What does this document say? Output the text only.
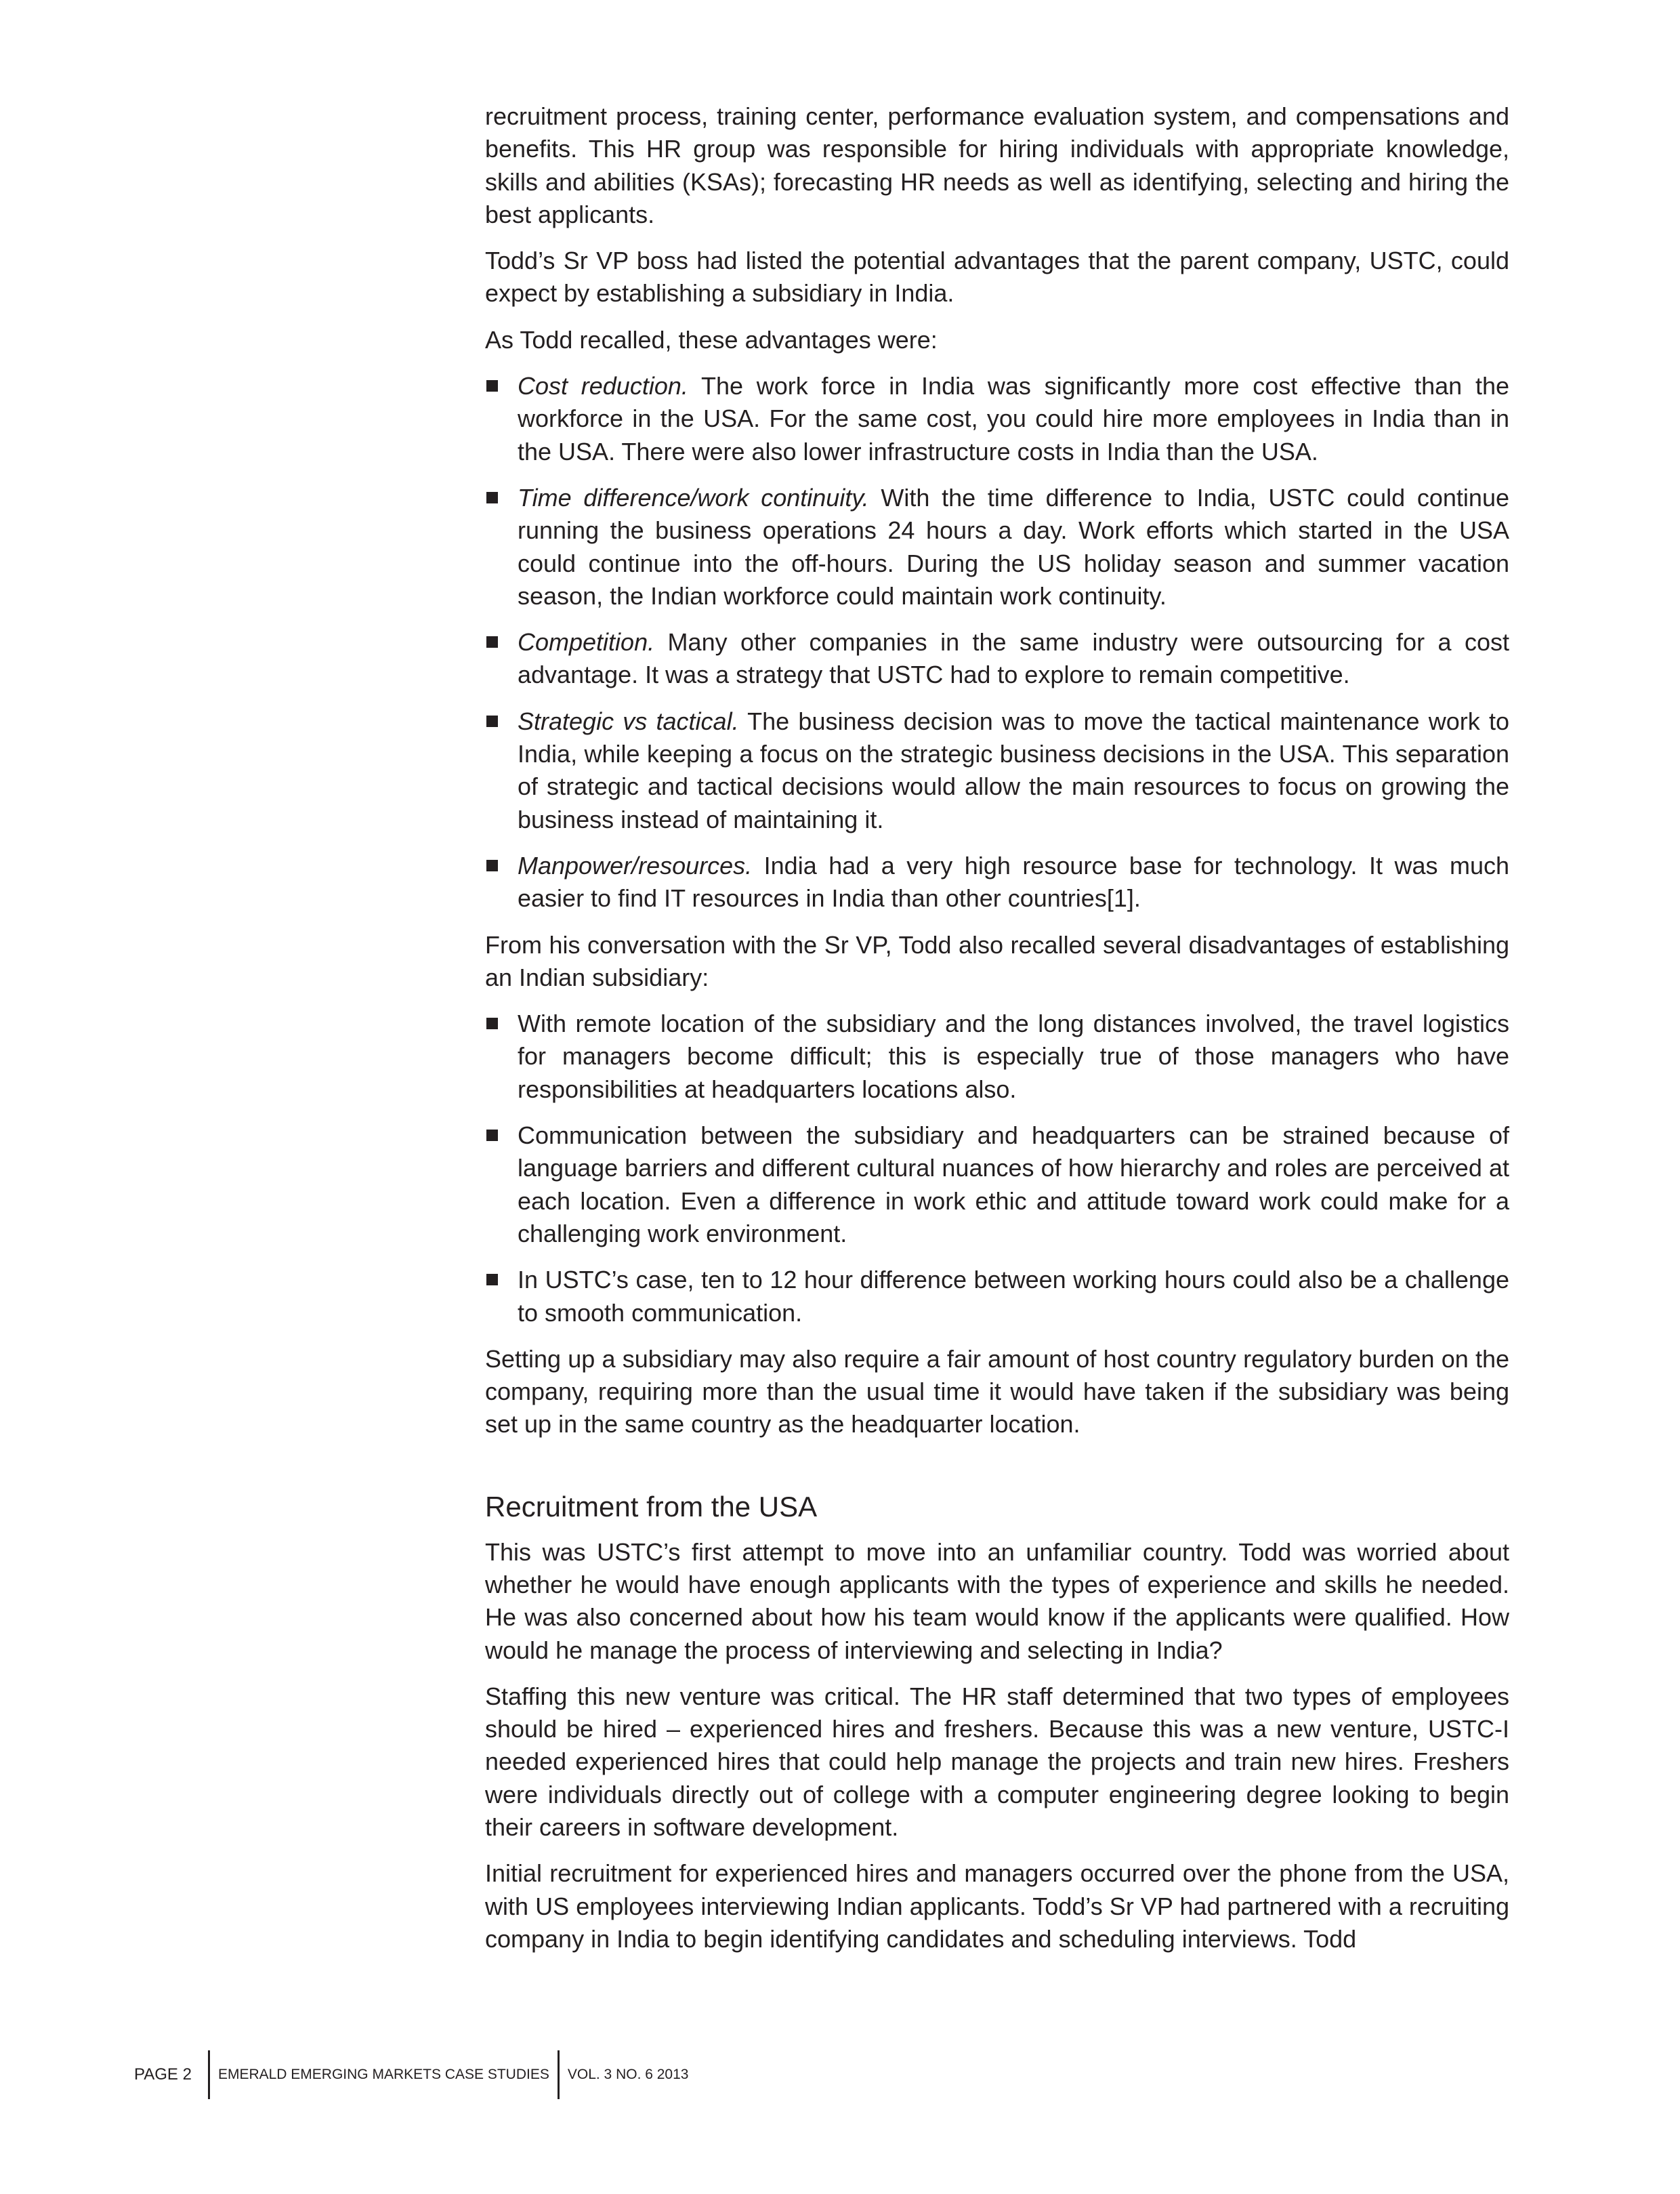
recruitment process, training center, performance evaluation system, and compensations and benefits. This HR group was responsible for hiring individuals with appropriate knowledge, skills and abilities (KSAs); forecasting HR needs as well as identifying, selecting and hiring the best applicants.

Todd’s Sr VP boss had listed the potential advantages that the parent company, USTC, could expect by establishing a subsidiary in India.

As Todd recalled, these advantages were:

Cost reduction. The work force in India was significantly more cost effective than the workforce in the USA. For the same cost, you could hire more employees in India than in the USA. There were also lower infrastructure costs in India than the USA.
Time difference/work continuity. With the time difference to India, USTC could continue running the business operations 24 hours a day. Work efforts which started in the USA could continue into the off-hours. During the US holiday season and summer vacation season, the Indian workforce could maintain work continuity.
Competition. Many other companies in the same industry were outsourcing for a cost advantage. It was a strategy that USTC had to explore to remain competitive.
Strategic vs tactical. The business decision was to move the tactical maintenance work to India, while keeping a focus on the strategic business decisions in the USA. This separation of strategic and tactical decisions would allow the main resources to focus on growing the business instead of maintaining it.
Manpower/resources. India had a very high resource base for technology. It was much easier to find IT resources in India than other countries[1].

From his conversation with the Sr VP, Todd also recalled several disadvantages of establishing an Indian subsidiary:

With remote location of the subsidiary and the long distances involved, the travel logistics for managers become difficult; this is especially true of those managers who have responsibilities at headquarters locations also.
Communication between the subsidiary and headquarters can be strained because of language barriers and different cultural nuances of how hierarchy and roles are perceived at each location. Even a difference in work ethic and attitude toward work could make for a challenging work environment.
In USTC’s case, ten to 12 hour difference between working hours could also be a challenge to smooth communication.

Setting up a subsidiary may also require a fair amount of host country regulatory burden on the company, requiring more than the usual time it would have taken if the subsidiary was being set up in the same country as the headquarter location.

Recruitment from the USA

This was USTC’s first attempt to move into an unfamiliar country. Todd was worried about whether he would have enough applicants with the types of experience and skills he needed. He was also concerned about how his team would know if the applicants were qualified. How would he manage the process of interviewing and selecting in India?

Staffing this new venture was critical. The HR staff determined that two types of employees should be hired – experienced hires and freshers. Because this was a new venture, USTC-I needed experienced hires that could help manage the projects and train new hires. Freshers were individuals directly out of college with a computer engineering degree looking to begin their careers in software development.

Initial recruitment for experienced hires and managers occurred over the phone from the USA, with US employees interviewing Indian applicants. Todd’s Sr VP had partnered with a recruiting company in India to begin identifying candidates and scheduling interviews. Todd

PAGE 2	EMERALD EMERGING MARKETS CASE STUDIES VOL. 3 NO. 6 2013
